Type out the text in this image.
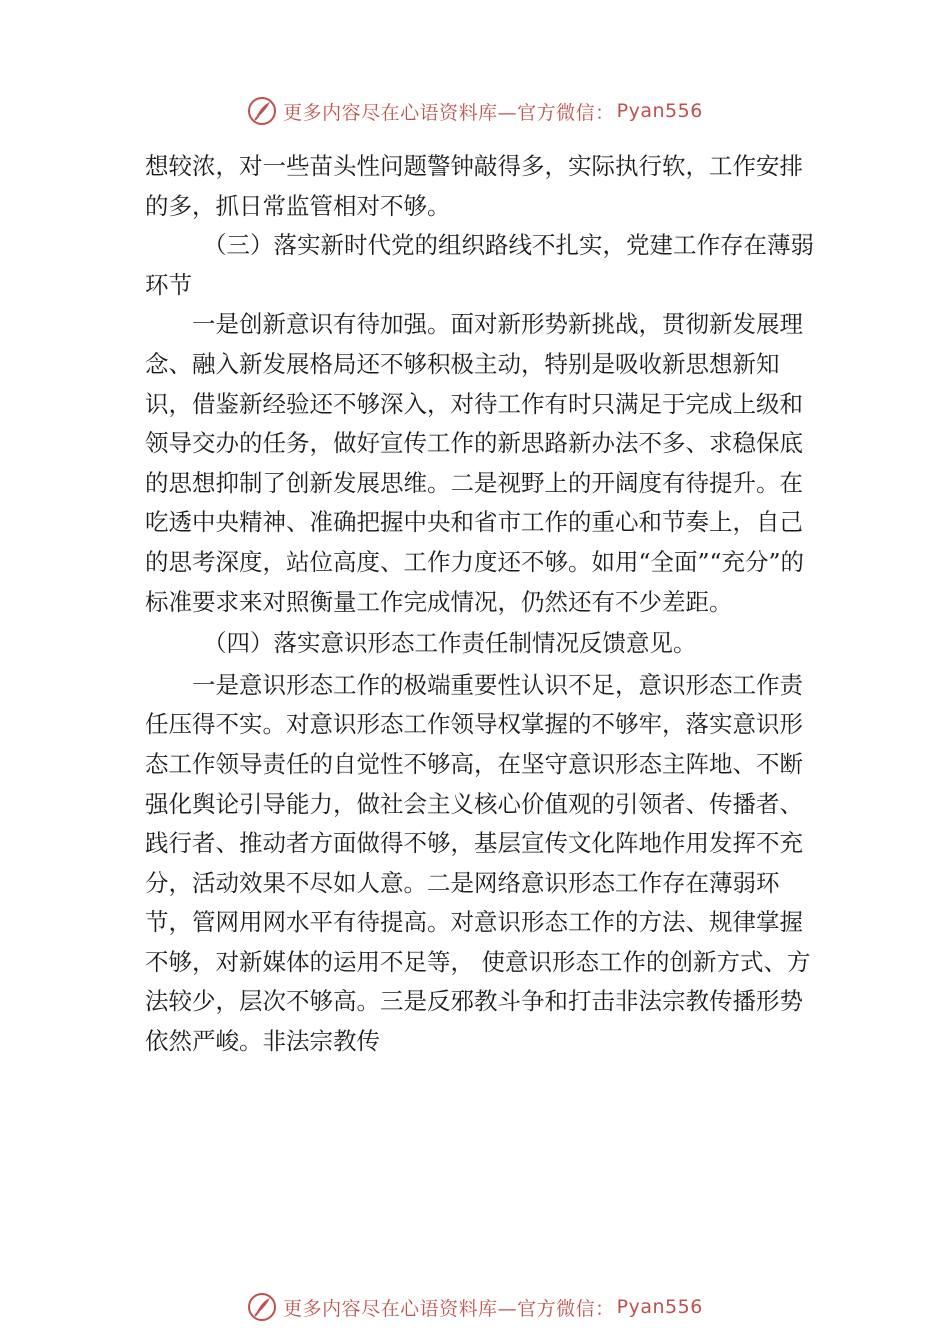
更多内容尽在心语资料库—官方微信： Pyan556

想较浓，对一些苗头性问题警钟敲得多，实际执行软，工作安排的多，抓日常监管相对不够。

（三）落实新时代党的组织路线不扎实，党建工作存在薄弱环节

一是创新意识有待加强。面对新形势新挑战，贯彻新发展理念、融入新发展格局还不够积极主动，特别是吸收新思想新知识，借鉴新经验还不够深入，对待工作有时只满足于完成上级和领导交办的任务，做好宣传工作的新思路新办法不多、求稳保底的思想抑制了创新发展思维。二是视野上的开阔度有待提升。在吃透中央精神、准确把握中央和省市工作的重心和节奏上，自己的思考深度，站位高度、工作力度还不够。如用“全面”“充分”的标准要求来对照衡量工作完成情况，仍然还有不少差距。

（四）落实意识形态工作责任制情况反馈意见。

一是意识形态工作的极端重要性认识不足，意识形态工作责任压得不实。对意识形态工作领导权掌握的不够牢，落实意识形态工作领导责任的自觉性不够高，在坚守意识形态主阵地、不断强化舆论引导能力，做社会主义核心价值观的引领者、传播者、践行者、推动者方面做得不够，基层宣传文化阵地作用发挥不充分，活动效果不尽如人意。二是网络意识形态工作存在薄弱环节，管网用网水平有待提高。对意识形态工作的方法、规律掌握不够，对新媒体的运用不足等， 使意识形态工作的创新方式、方法较少，层次不够高。三是反邪教斗争和打击非法宗教传播形势依然严峻。非法宗教传

更多内容尽在心语资料库—官方微信： Pyan556
